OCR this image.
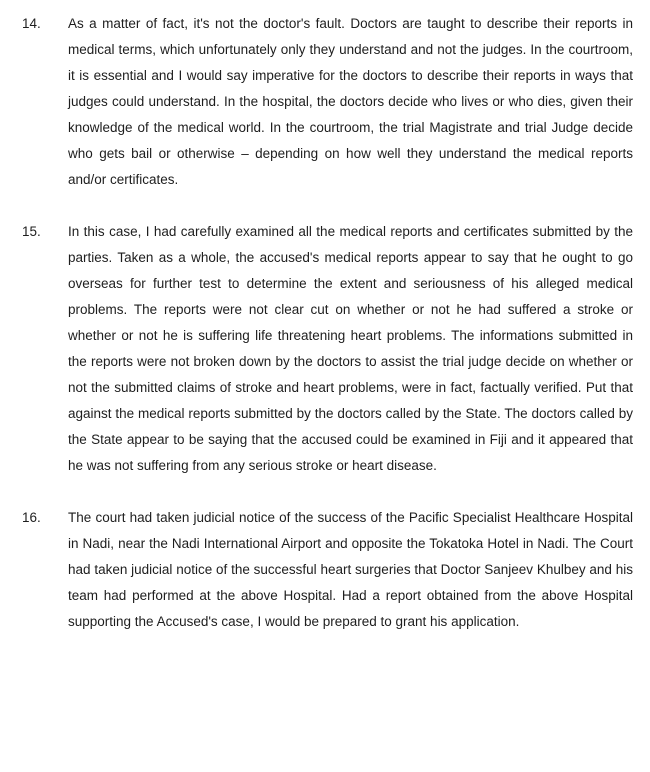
14.	As a matter of fact, it's not the doctor's fault. Doctors are taught to describe their reports in medical terms, which unfortunately only they understand and not the judges. In the courtroom, it is essential and I would say imperative for the doctors to describe their reports in ways that judges could understand. In the hospital, the doctors decide who lives or who dies, given their knowledge of the medical world. In the courtroom, the trial Magistrate and trial Judge decide who gets bail or otherwise – depending on how well they understand the medical reports and/or certificates.
15.	In this case, I had carefully examined all the medical reports and certificates submitted by the parties. Taken as a whole, the accused's medical reports appear to say that he ought to go overseas for further test to determine the extent and seriousness of his alleged medical problems. The reports were not clear cut on whether or not he had suffered a stroke or whether or not he is suffering life threatening heart problems. The informations submitted in the reports were not broken down by the doctors to assist the trial judge decide on whether or not the submitted claims of stroke and heart problems, were in fact, factually verified. Put that against the medical reports submitted by the doctors called by the State. The doctors called by the State appear to be saying that the accused could be examined in Fiji and it appeared that he was not suffering from any serious stroke or heart disease.
16.	The court had taken judicial notice of the success of the Pacific Specialist Healthcare Hospital in Nadi, near the Nadi International Airport and opposite the Tokatoka Hotel in Nadi. The Court had taken judicial notice of the successful heart surgeries that Doctor Sanjeev Khulbey and his team had performed at the above Hospital. Had a report obtained from the above Hospital supporting the Accused's case, I would be prepared to grant his application.
